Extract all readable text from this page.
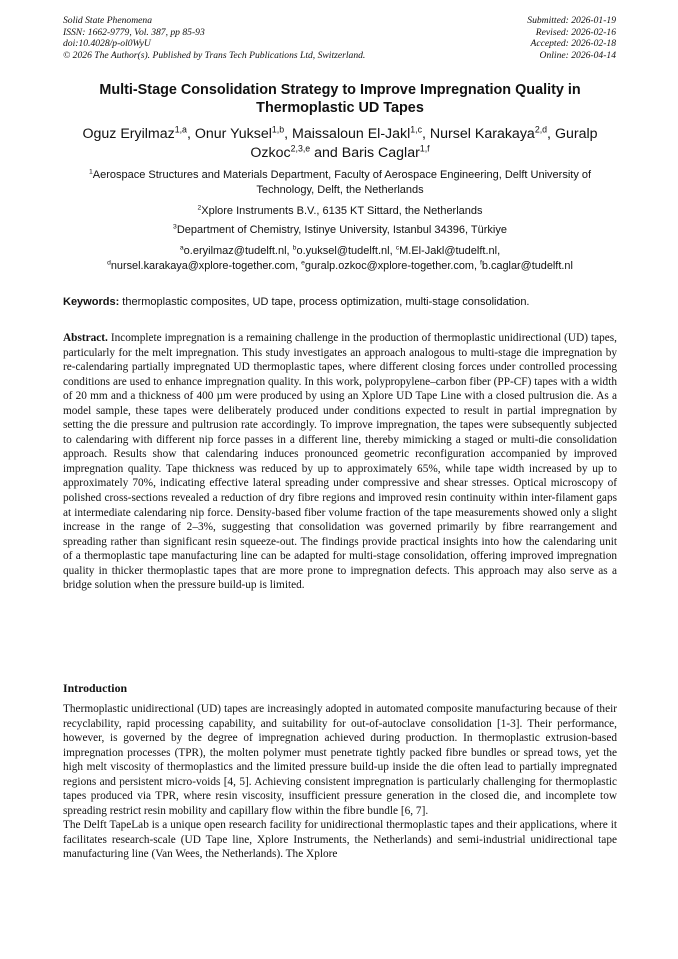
Solid State Phenomena
ISSN: 1662-9779, Vol. 387, pp 85-93
doi:10.4028/p-ol0WyU
© 2026 The Author(s). Published by Trans Tech Publications Ltd, Switzerland.
Submitted: 2026-01-19
Revised: 2026-02-16
Accepted: 2026-02-18
Online: 2026-04-14
Multi-Stage Consolidation Strategy to Improve Impregnation Quality in Thermoplastic UD Tapes
Oguz Eryilmaz$^{1,a}$, Onur Yuksel$^{1,b}$, Maissaloun El-Jakl$^{1,c}$, Nursel Karakaya$^{2,d}$, Guralp Ozkoc$^{2,3,e}$ and Baris Caglar$^{1,f}$
$^1$Aerospace Structures and Materials Department, Faculty of Aerospace Engineering, Delft University of Technology, Delft, the Netherlands
$^2$Xplore Instruments B.V., 6135 KT Sittard, the Netherlands
$^3$Department of Chemistry, Istinye University, Istanbul 34396, Türkiye
$^a$o.eryilmaz@tudelft.nl, $^b$o.yuksel@tudelft.nl, $^c$M.El-Jakl@tudelft.nl,
$^d$nursel.karakaya@xplore-together.com, $^e$guralp.ozkoc@xplore-together.com, $^f$b.caglar@tudelft.nl
Keywords: thermoplastic composites, UD tape, process optimization, multi-stage consolidation.
Abstract. Incomplete impregnation is a remaining challenge in the production of thermoplastic unidirectional (UD) tapes, particularly for the melt impregnation. This study investigates an approach analogous to multi-stage die impregnation by re-calendaring partially impregnated UD thermoplastic tapes, where different closing forces under controlled processing conditions are used to enhance impregnation quality. In this work, polypropylene–carbon fiber (PP-CF) tapes with a width of 20 mm and a thickness of 400 µm were produced by using an Xplore UD Tape Line with a closed pultrusion die. As a model sample, these tapes were deliberately produced under conditions expected to result in partial impregnation by setting the die pressure and pultrusion rate accordingly. To improve impregnation, the tapes were subsequently subjected to calendaring with different nip force passes in a different line, thereby mimicking a staged or multi-die consolidation approach. Results show that calendaring induces pronounced geometric reconfiguration accompanied by improved impregnation quality. Tape thickness was reduced by up to approximately 65%, while tape width increased by up to approximately 70%, indicating effective lateral spreading under compressive and shear stresses. Optical microscopy of polished cross-sections revealed a reduction of dry fibre regions and improved resin continuity within inter-filament gaps at intermediate calendaring nip force. Density-based fiber volume fraction of the tape measurements showed only a slight increase in the range of 2–3%, suggesting that consolidation was governed primarily by fibre rearrangement and spreading rather than significant resin squeeze-out. The findings provide practical insights into how the calendaring unit of a thermoplastic tape manufacturing line can be adapted for multi-stage consolidation, offering improved impregnation quality in thicker thermoplastic tapes that are more prone to impregnation defects. This approach may also serve as a bridge solution when the pressure build-up is limited.
Introduction

Thermoplastic unidirectional (UD) tapes are increasingly adopted in automated composite manufacturing because of their recyclability, rapid processing capability, and suitability for out-of-autoclave consolidation [1-3]. Their performance, however, is governed by the degree of impregnation achieved during production. In thermoplastic extrusion-based impregnation processes (TPR), the molten polymer must penetrate tightly packed fibre bundles or spread tows, yet the high melt viscosity of thermoplastics and the limited pressure build-up inside the die often lead to partially impregnated regions and persistent micro-voids [4, 5]. Achieving consistent impregnation is particularly challenging for thermoplastic tapes produced via TPR, where resin viscosity, insufficient pressure generation in the closed die, and incomplete tow spreading restrict resin mobility and capillary flow within the fibre bundle [6, 7].

The Delft TapeLab is a unique open research facility for unidirectional thermoplastic tapes and their applications, where it facilitates research-scale (UD Tape line, Xplore Instruments, the Netherlands) and semi-industrial unidirectional tape manufacturing line (Van Wees, the Netherlands). The Xplore
